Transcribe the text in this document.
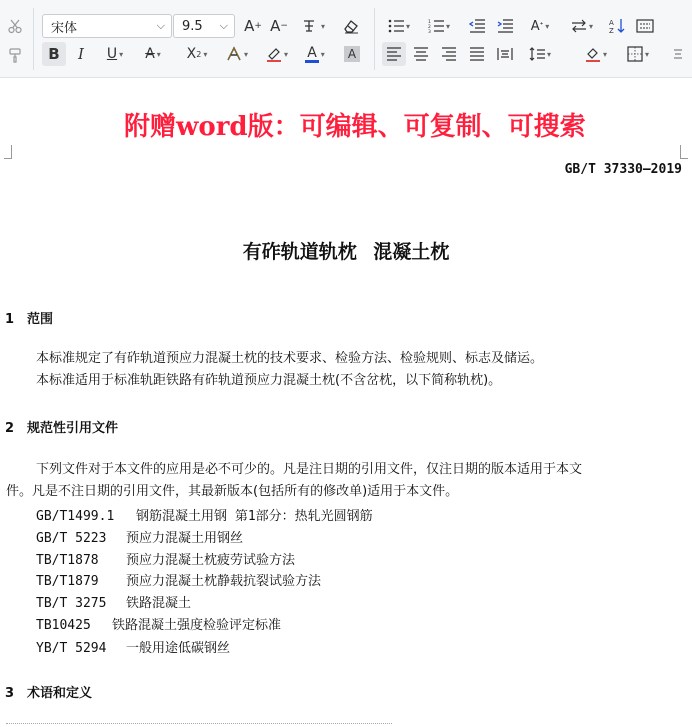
宋体	⌵ 9.5 ⌵ A + A −	▾
B	I	U ▾ A ▾	X 2 ▾	▾	▾ A ▾	A
▾	1
2
3
▾	A ᐩ ▾	▾ A
Z
▾	▾	▾
附赠word版：可编辑、可复制、可搜索
GB/T 37330—2019
有砟轨道轨枕 混凝土枕
1 范围
本标准规定了有砟轨道预应力混凝土枕的技术要求、检验方法、检验规则、标志及储运。
本标准适用于标准轨距铁路有砟轨道预应力混凝土枕(不含岔枕，以下简称轨枕)。
2 规范性引用文件
下列文件对于本文件的应用是必不可少的。凡是注日期的引用文件，仅注日期的版本适用于本文
件。凡是不注日期的引用文件，其最新版本(包括所有的修改单)适用于本文件。
GB/T1499.1 钢筋混凝土用钢 第1部分：热轧光圆钢筋
GB/T 5223 预应力混凝土用钢丝
TB/T1878 预应力混凝土枕疲劳试验方法
TB/T1879 预应力混凝土枕静载抗裂试验方法
TB/T 3275 铁路混凝土
TB10425 铁路混凝土强度检验评定标准
YB/T 5294 一般用途低碳钢丝
3 术语和定义
